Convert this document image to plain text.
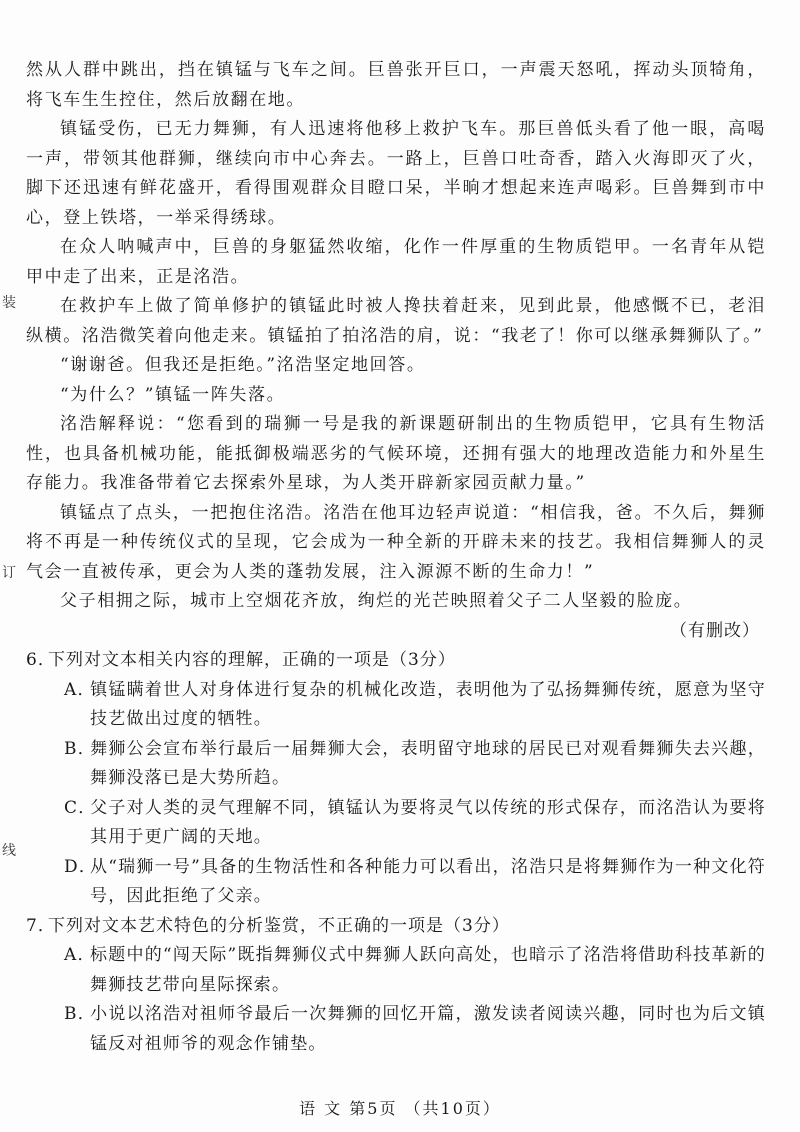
装
订
线

然从人群中跳出，挡在镇锰与飞车之间。巨兽张开巨口，一声震天怒吼，挥动头顶犄角，将飞车生生控住，然后放翻在地。

镇锰受伤，已无力舞狮，有人迅速将他移上救护飞车。那巨兽低头看了他一眼，高喝一声，带领其他群狮，继续向市中心奔去。一路上，巨兽口吐奇香，踏入火海即灭了火，脚下还迅速有鲜花盛开，看得围观群众目瞪口呆，半晌才想起来连声喝彩。巨兽舞到市中心，登上铁塔，一举采得绣球。

在众人呐喊声中，巨兽的身躯猛然收缩，化作一件厚重的生物质铠甲。一名青年从铠甲中走了出来，正是洺浩。

在救护车上做了简单修护的镇锰此时被人搀扶着赶来，见到此景，他感慨不已，老泪纵横。洺浩微笑着向他走来。镇锰拍了拍洺浩的肩，说：“我老了！你可以继承舞狮队了。”

“谢谢爸。但我还是拒绝。”洺浩坚定地回答。

“为什么？”镇锰一阵失落。

洺浩解释说：“您看到的瑞狮一号是我的新课题研制出的生物质铠甲，它具有生物活性，也具备机械功能，能抵御极端恶劣的气候环境，还拥有强大的地理改造能力和外星生存能力。我准备带着它去探索外星球，为人类开辟新家园贡献力量。”

镇锰点了点头，一把抱住洺浩。洺浩在他耳边轻声说道：“相信我，爸。不久后，舞狮将不再是一种传统仪式的呈现，它会成为一种全新的开辟未来的技艺。我相信舞狮人的灵气会一直被传承，更会为人类的蓬勃发展，注入源源不断的生命力！”

父子相拥之际，城市上空烟花齐放，绚烂的光芒映照着父子二人坚毅的脸庞。

（有删改）

6．下列对文本相关内容的理解，正确的一项是（3分）

A．镇锰瞒着世人对身体进行复杂的机械化改造，表明他为了弘扬舞狮传统，愿意为坚守技艺做出过度的牺牲。

B．舞狮公会宣布举行最后一届舞狮大会，表明留守地球的居民已对观看舞狮失去兴趣，舞狮没落已是大势所趋。

C．父子对人类的灵气理解不同，镇锰认为要将灵气以传统的形式保存，而洺浩认为要将其用于更广阔的天地。

D．从“瑞狮一号”具备的生物活性和各种能力可以看出，洺浩只是将舞狮作为一种文化符号，因此拒绝了父亲。

7．下列对文本艺术特色的分析鉴赏，不正确的一项是（3分）

A．标题中的“闯天际”既指舞狮仪式中舞狮人跃向高处，也暗示了洺浩将借助科技革新的舞狮技艺带向星际探索。

B．小说以洺浩对祖师爷最后一次舞狮的回忆开篇，激发读者阅读兴趣，同时也为后文镇锰反对祖师爷的观念作铺垫。

语 文 第5页 （共10页）
